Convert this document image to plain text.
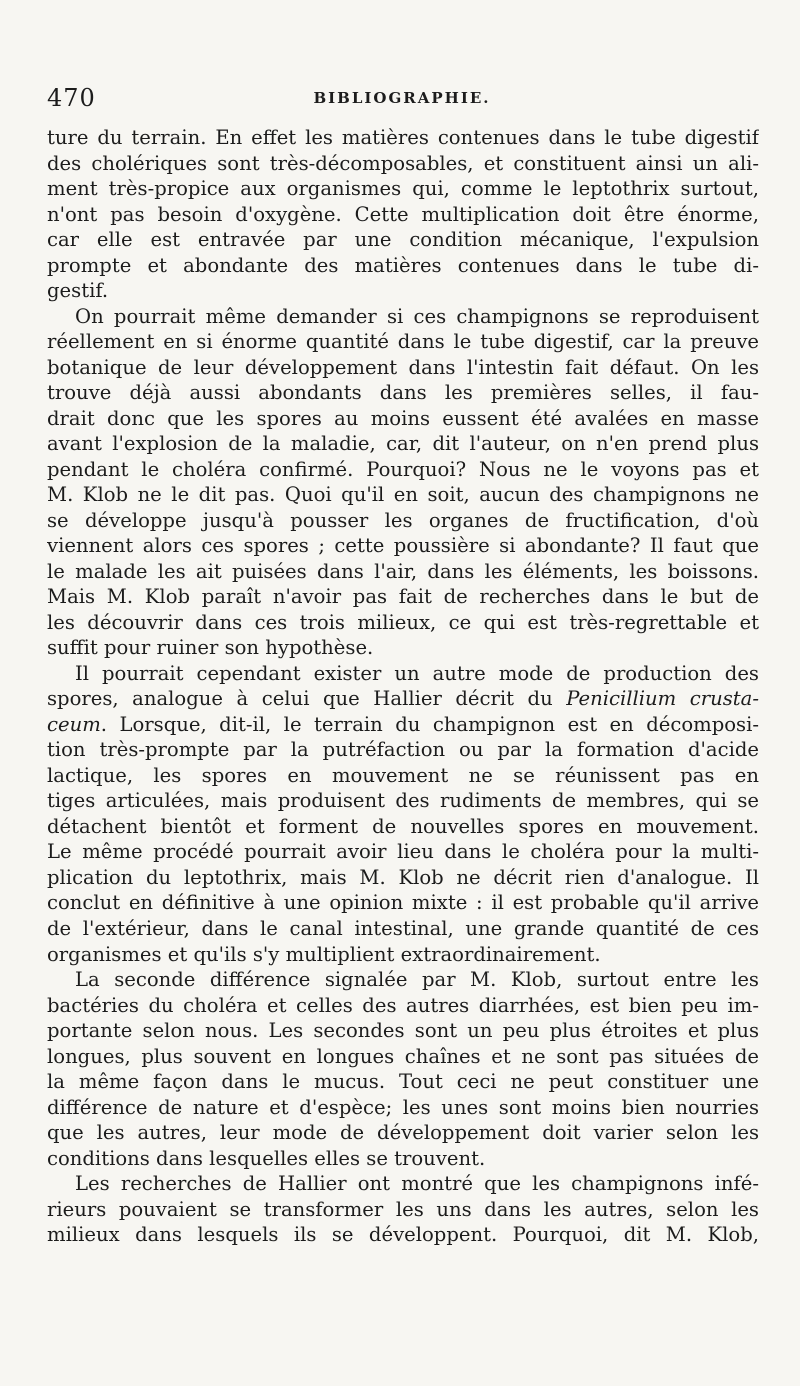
470	BIBLIOGRAPHIE.
ture du terrain. En effet les matières contenues dans le tube digestif
des cholériques sont très-décomposables, et constituent ainsi un ali-
ment très-propice aux organismes qui, comme le leptothrix surtout,
n'ont pas besoin d'oxygène. Cette multiplication doit être énorme,
car elle est entravée par une condition mécanique, l'expulsion
prompte et abondante des matières contenues dans le tube di-
gestif.
On pourrait même demander si ces champignons se reproduisent
réellement en si énorme quantité dans le tube digestif, car la preuve
botanique de leur développement dans l'intestin fait défaut. On les
trouve déjà aussi abondants dans les premières selles, il fau-
drait donc que les spores au moins eussent été avalées en masse
avant l'explosion de la maladie, car, dit l'auteur, on n'en prend plus
pendant le choléra confirmé. Pourquoi? Nous ne le voyons pas et
M. Klob ne le dit pas. Quoi qu'il en soit, aucun des champignons ne
se développe jusqu'à pousser les organes de fructification, d'où
viennent alors ces spores ; cette poussière si abondante? Il faut que
le malade les ait puisées dans l'air, dans les éléments, les boissons.
Mais M. Klob paraît n'avoir pas fait de recherches dans le but de
les découvrir dans ces trois milieux, ce qui est très-regrettable et
suffit pour ruiner son hypothèse.
Il pourrait cependant exister un autre mode de production des
spores, analogue à celui que Hallier décrit du Penicillium crusta-
ceum. Lorsque, dit-il, le terrain du champignon est en décomposi-
tion très-prompte par la putréfaction ou par la formation d'acide
lactique, les spores en mouvement ne se réunissent pas en
tiges articulées, mais produisent des rudiments de membres, qui se
détachent bientôt et forment de nouvelles spores en mouvement.
Le même procédé pourrait avoir lieu dans le choléra pour la multi-
plication du leptothrix, mais M. Klob ne décrit rien d'analogue. Il
conclut en définitive à une opinion mixte : il est probable qu'il arrive
de l'extérieur, dans le canal intestinal, une grande quantité de ces
organismes et qu'ils s'y multiplient extraordinairement.
La seconde différence signalée par M. Klob, surtout entre les
bactéries du choléra et celles des autres diarrhées, est bien peu im-
portante selon nous. Les secondes sont un peu plus étroites et plus
longues, plus souvent en longues chaînes et ne sont pas situées de
la même façon dans le mucus. Tout ceci ne peut constituer une
différence de nature et d'espèce; les unes sont moins bien nourries
que les autres, leur mode de développement doit varier selon les
conditions dans lesquelles elles se trouvent.
Les recherches de Hallier ont montré que les champignons infé-
rieurs pouvaient se transformer les uns dans les autres, selon les
milieux dans lesquels ils se développent. Pourquoi, dit M. Klob,
